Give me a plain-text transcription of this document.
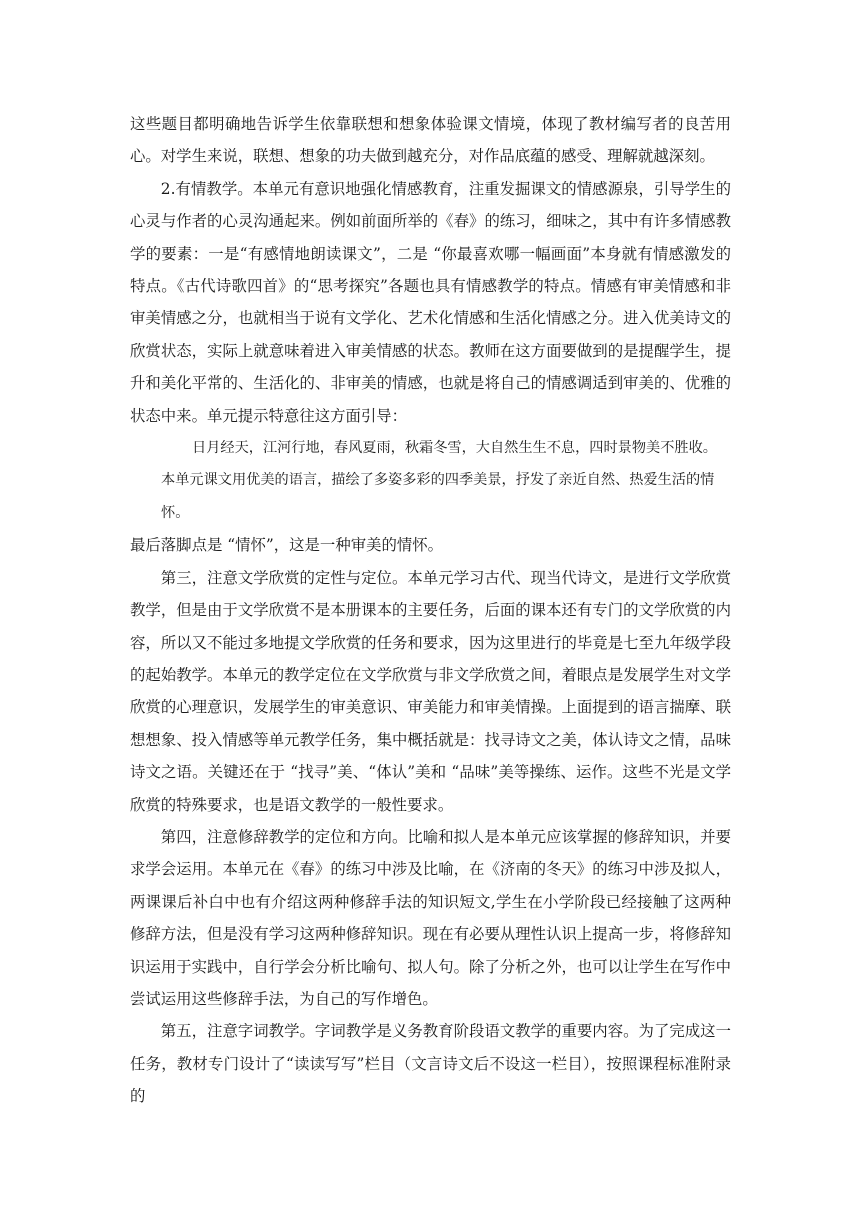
这些题目都明确地告诉学生依靠联想和想象体验课文情境，体现了教材编写者的良苦用心。对学生来说，联想、想象的功夫做到越充分，对作品底蕴的感受、理解就越深刻。

2.有情教学。本单元有意识地强化情感教育，注重发掘课文的情感源泉，引导学生的心灵与作者的心灵沟通起来。例如前面所举的《春》的练习，细味之，其中有许多情感教学的要素：一是“有感情地朗读课文”，二是 “你最喜欢哪一幅画面”本身就有情感激发的特点。《古代诗歌四首》的“思考探究”各题也具有情感教学的特点。情感有审美情感和非审美情感之分，也就相当于说有文学化、艺术化情感和生活化情感之分。进入优美诗文的欣赏状态，实际上就意味着进入审美情感的状态。教师在这方面要做到的是提醒学生，提升和美化平常的、生活化的、非审美的情感，也就是将自己的情感调适到审美的、优雅的状态中来。单元提示特意往这方面引导：

日月经天，江河行地，春风夏雨，秋霜冬雪，大自然生生不息，四时景物美不胜收。

本单元课文用优美的语言，描绘了多姿多彩的四季美景，抒发了亲近自然、热爱生活的情怀。

最后落脚点是 “情怀”，这是一种审美的情怀。

第三，注意文学欣赏的定性与定位。本单元学习古代、现当代诗文，是进行文学欣赏教学，但是由于文学欣赏不是本册课本的主要任务，后面的课本还有专门的文学欣赏的内容，所以又不能过多地提文学欣赏的任务和要求，因为这里进行的毕竟是七至九年级学段的起始教学。本单元的教学定位在文学欣赏与非文学欣赏之间，着眼点是发展学生对文学欣赏的心理意识，发展学生的审美意识、审美能力和审美情操。上面提到的语言揣摩、联想想象、投入情感等单元教学任务，集中概括就是：找寻诗文之美，体认诗文之情，品味诗文之语。关键还在于 “找寻”美、“体认”美和 “品味”美等操练、运作。这些不光是文学欣赏的特殊要求，也是语文教学的一般性要求。

第四，注意修辞教学的定位和方向。比喻和拟人是本单元应该掌握的修辞知识，并要求学会运用。本单元在《春》的练习中涉及比喻，在《济南的冬天》的练习中涉及拟人，两课课后补白中也有介绍这两种修辞手法的知识短文,学生在小学阶段已经接触了这两种修辞方法，但是没有学习这两种修辞知识。现在有必要从理性认识上提高一步，将修辞知识运用于实践中，自行学会分析比喻句、拟人句。除了分析之外，也可以让学生在写作中尝试运用这些修辞手法，为自己的写作增色。

第五，注意字词教学。字词教学是义务教育阶段语文教学的重要内容。为了完成这一任务，教材专门设计了“读读写写”栏目（文言诗文后不设这一栏目），按照课程标准附录的
